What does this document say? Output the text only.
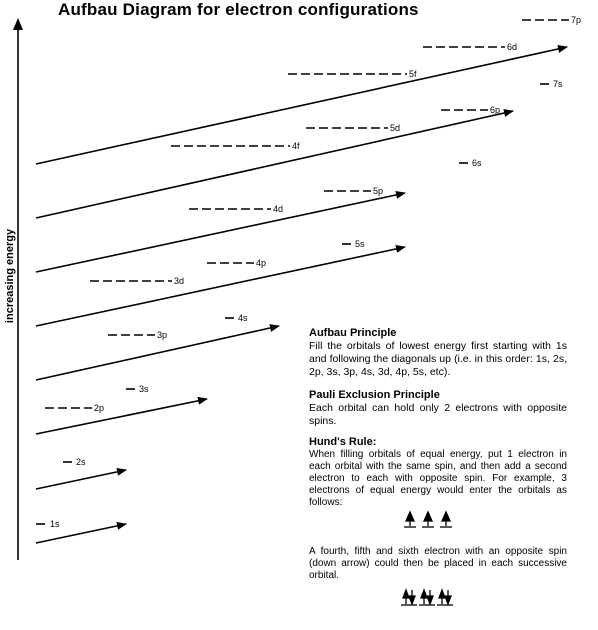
1s
2s
2p
3s
3p
4s
3d
4p
5s
4d
5p
6s
4f
5d
6p
7s
5f
6d
7p
Aufbau Diagram for electron configurations
increasing energy
Aufbau Principle

Fill the orbitals of lowest energy first starting with 1s and following the diagonals up (i.e. in this order: 1s, 2s, 2p, 3s, 3p, 4s, 3d, 4p, 5s, etc).

Pauli Exclusion Principle

Each orbital can hold only 2 electrons with opposite spins.

Hund's Rule:

When filling orbitals of equal energy, put 1 electron in each orbital with the same spin, and then add a second electron to each with opposite spin. For example, 3 electrons of equal energy would enter the orbitals as follows:

A fourth, fifth and sixth electron with an opposite spin (down arrow) could then be placed in each successive orbital.
